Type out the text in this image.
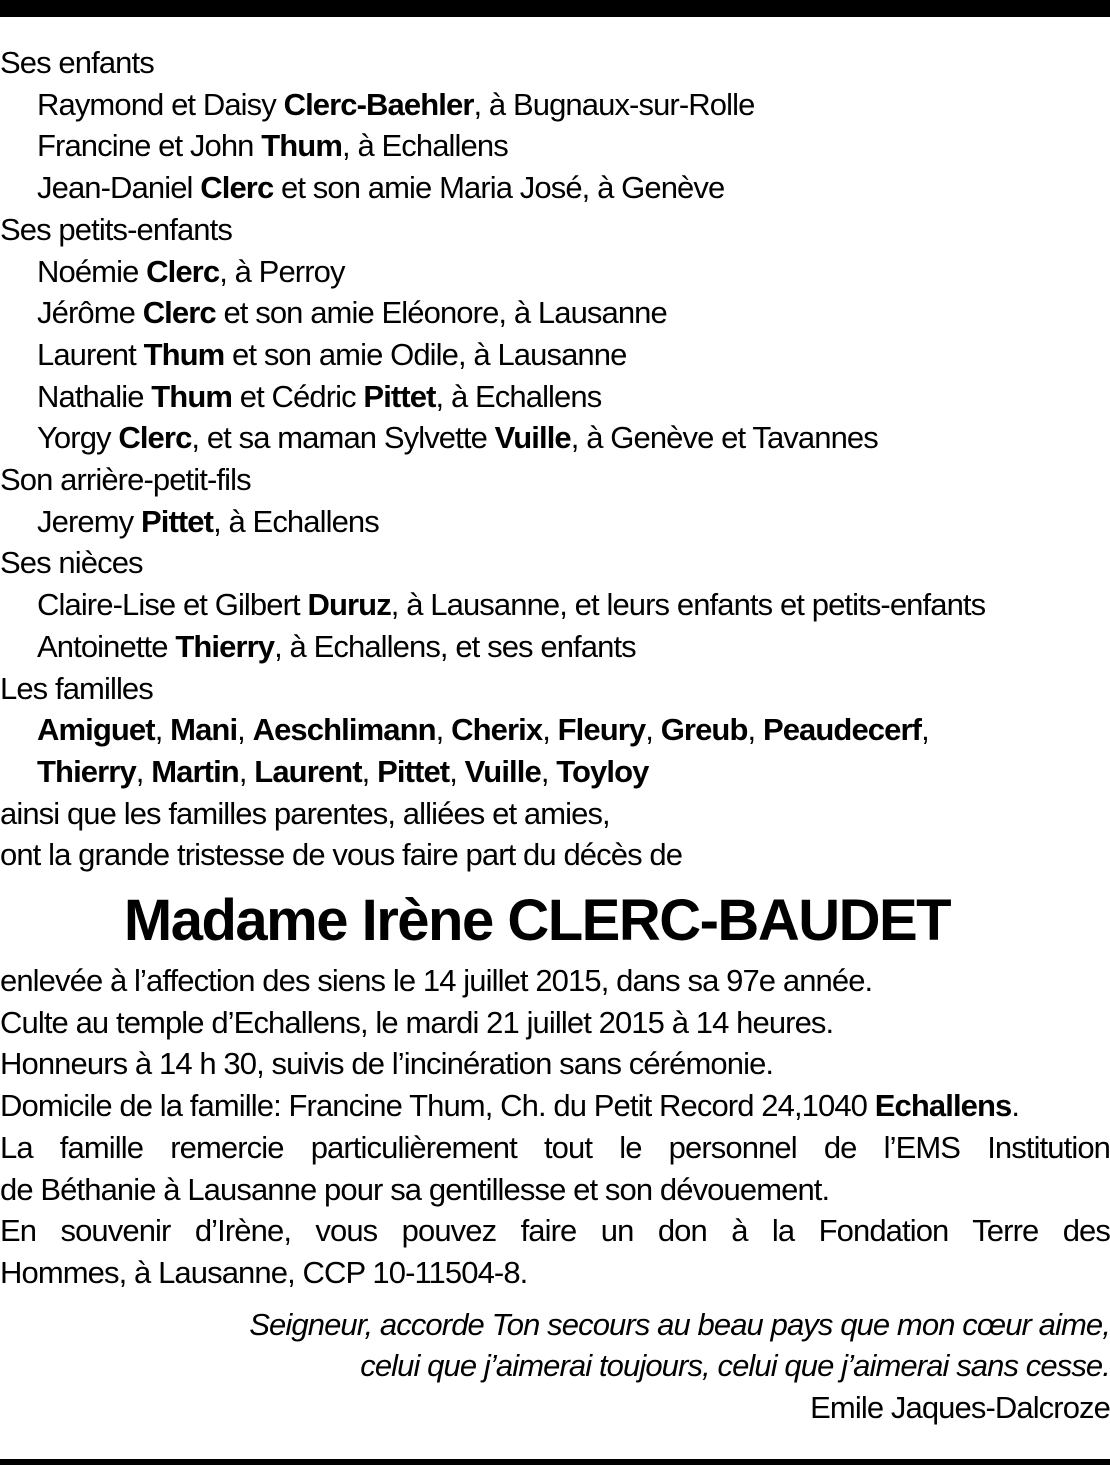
Ses enfants
Raymond et Daisy Clerc-Baehler, à Bugnaux-sur-Rolle
Francine et John Thum, à Echallens
Jean-Daniel Clerc et son amie Maria José, à Genève
Ses petits-enfants
Noémie Clerc, à Perroy
Jérôme Clerc et son amie Eléonore, à Lausanne
Laurent Thum et son amie Odile, à Lausanne
Nathalie Thum et Cédric Pittet, à Echallens
Yorgy Clerc, et sa maman Sylvette Vuille, à Genève et Tavannes
Son arrière-petit-fils
Jeremy Pittet, à Echallens
Ses nièces
Claire-Lise et Gilbert Duruz, à Lausanne, et leurs enfants et petits-enfants
Antoinette Thierry, à Echallens, et ses enfants
Les familles
Amiguet, Mani, Aeschlimann, Cherix, Fleury, Greub, Peaudecerf,
Thierry, Martin, Laurent, Pittet, Vuille, Toyloy
ainsi que les familles parentes, alliées et amies,
ont la grande tristesse de vous faire part du décès de
Madame Irène CLERC-BAUDET
enlevée à l’affection des siens le 14 juillet 2015, dans sa 97e année.
Culte au temple d’Echallens, le mardi 21 juillet 2015 à 14 heures.
Honneurs à 14 h 30, suivis de l’incinération sans cérémonie.
Domicile de la famille: Francine Thum, Ch. du Petit Record 24,1040 Echallens.
La famille remercie particulièrement tout le personnel de l’EMS Institution
de Béthanie à Lausanne pour sa gentillesse et son dévouement.
En souvenir d’Irène, vous pouvez faire un don à la Fondation Terre des
Hommes, à Lausanne, CCP 10-11504-8.
Seigneur, accorde Ton secours au beau pays que mon cœur aime,
celui que j’aimerai toujours, celui que j’aimerai sans cesse.
Emile Jaques-Dalcroze
